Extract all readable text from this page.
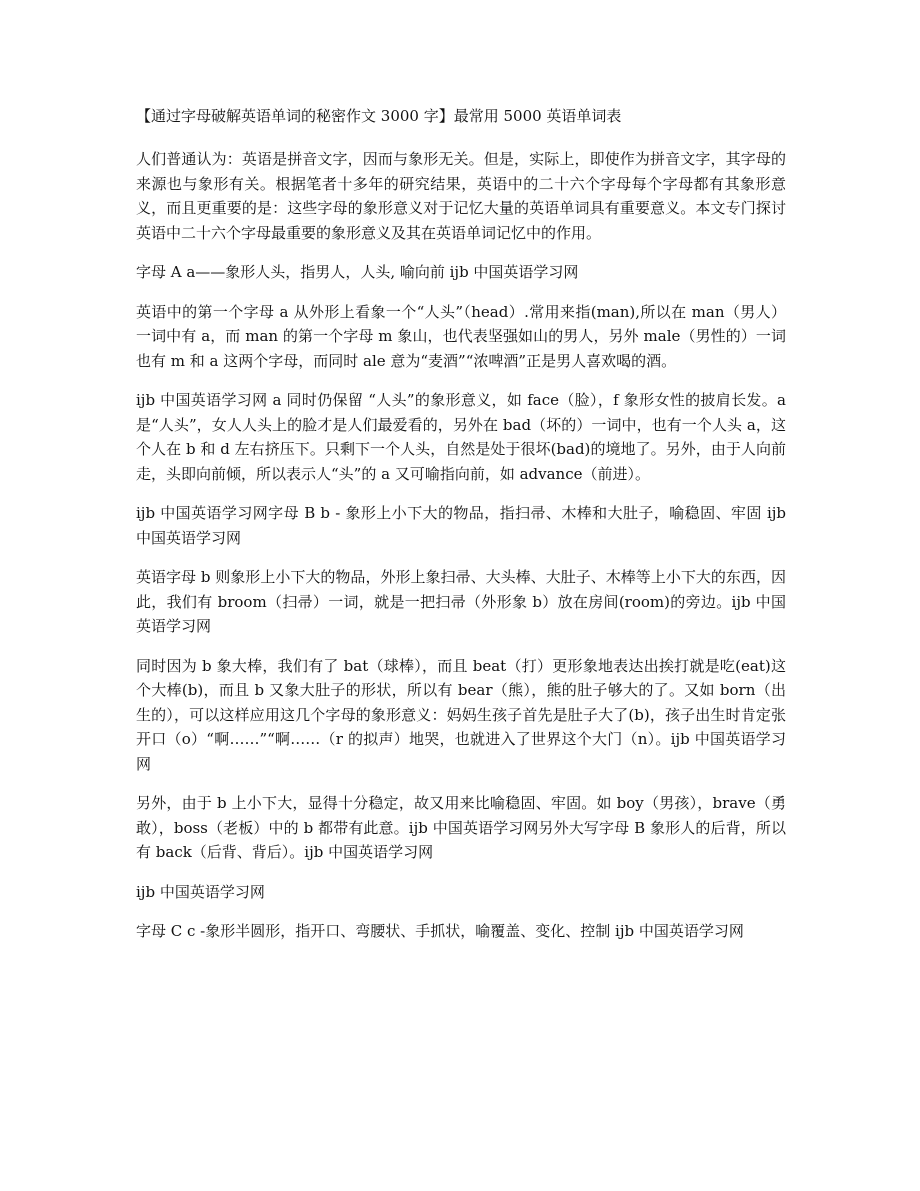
【通过字母破解英语单词的秘密作文 3000 字】最常用 5000 英语单词表

人们普通认为：英语是拼音文字，因而与象形无关。但是，实际上，即使作为拼音文字，其字母的来源也与象形有关。根据笔者十多年的研究结果，英语中的二十六个字母每个字母都有其象形意义，而且更重要的是：这些字母的象形意义对于记忆大量的英语单词具有重要意义。本文专门探讨英语中二十六个字母最重要的象形意义及其在英语单词记忆中的作用。

字母 A a——象形人头，指男人，人头, 喻向前 ijb 中国英语学习网

英语中的第一个字母 a 从外形上看象一个“人头”（head）.常用来指(man),所以在 man（男人）一词中有 a，而 man 的第一个字母 m 象山，也代表坚强如山的男人，另外 male（男性的）一词也有 m 和 a 这两个字母，而同时 ale 意为“麦酒”“浓啤酒”正是男人喜欢喝的酒。

ijb 中国英语学习网 a 同时仍保留 “人头”的象形意义，如 face（脸），f 象形女性的披肩长发。a 是“人头”，女人人头上的脸才是人们最爱看的，另外在 bad（坏的）一词中，也有一个人头 a，这个人在 b 和 d 左右挤压下。只剩下一个人头，自然是处于很坏(bad)的境地了。另外，由于人向前走，头即向前倾，所以表示人“头”的 a 又可喻指向前，如 advance（前进）。

ijb 中国英语学习网字母 B b - 象形上小下大的物品，指扫帚、木棒和大肚子，喻稳固、牢固 ijb 中国英语学习网

英语字母 b 则象形上小下大的物品，外形上象扫帚、大头棒、大肚子、木棒等上小下大的东西，因此，我们有 broom（扫帚）一词，就是一把扫帚（外形象 b）放在房间(room)的旁边。ijb 中国英语学习网

同时因为 b 象大棒，我们有了 bat（球棒），而且 beat（打）更形象地表达出挨打就是吃(eat)这个大棒(b)，而且 b 又象大肚子的形状，所以有 bear（熊），熊的肚子够大的了。又如 born（出生的），可以这样应用这几个字母的象形意义：妈妈生孩子首先是肚子大了(b)，孩子出生时肯定张开口（o）“啊……”“啊……（r 的拟声）地哭，也就进入了世界这个大门（n）。ijb 中国英语学习网

另外，由于 b 上小下大，显得十分稳定，故又用来比喻稳固、牢固。如 boy（男孩），brave（勇敢），boss（老板）中的 b 都带有此意。ijb 中国英语学习网另外大写字母 B 象形人的后背，所以有 back（后背、背后）。ijb 中国英语学习网

ijb 中国英语学习网

字母 C c -象形半圆形，指开口、弯腰状、手抓状，喻覆盖、变化、控制 ijb 中国英语学习网
